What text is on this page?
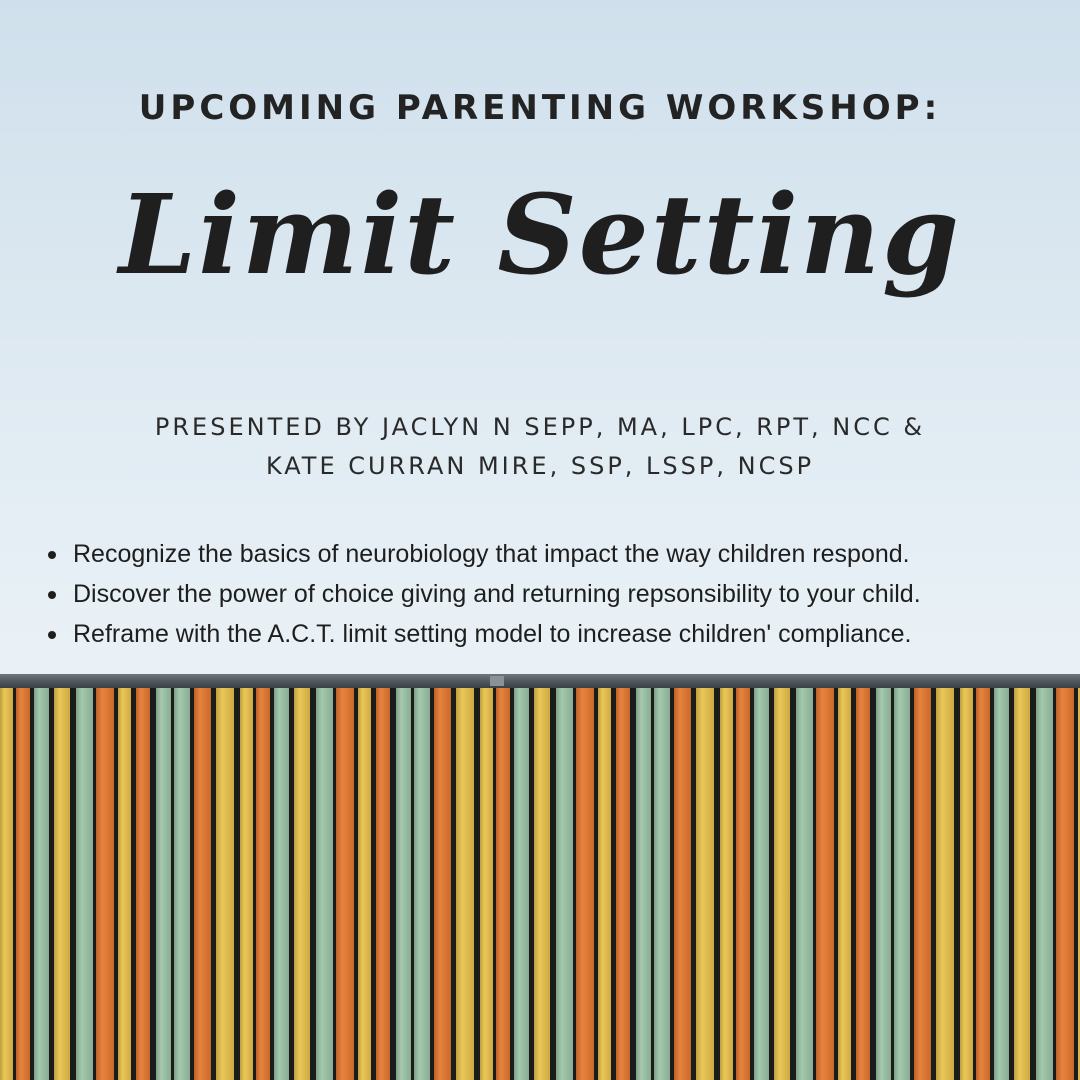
UPCOMING PARENTING WORKSHOP:
Limit Setting
PRESENTED BY JACLYN N SEPP, MA, LPC, RPT, NCC &
KATE CURRAN MIRE, SSP, LSSP, NCSP
Recognize the basics of neurobiology that impact the way children respond.
Discover the power of choice giving and returning repsonsibility to your child.
Reframe with the A.C.T. limit setting model to increase children' compliance.
